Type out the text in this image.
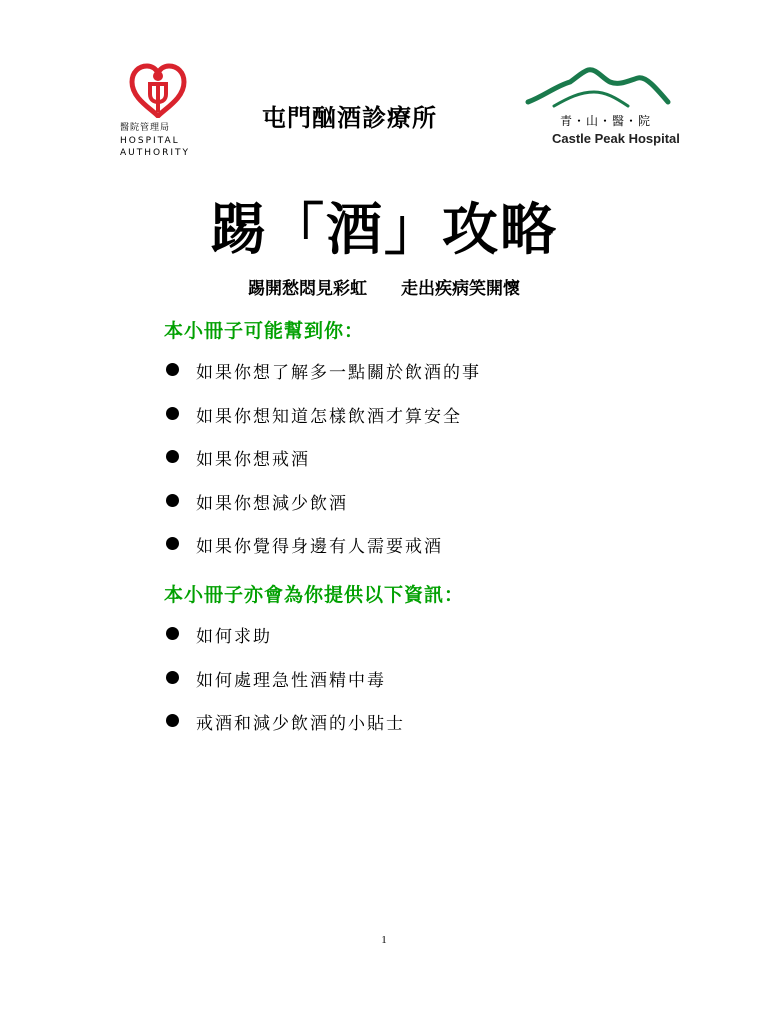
醫院管理局
HOSPITAL
AUTHORITY
屯門酗酒診療所	青・山・醫・院
Castle Peak Hospital
踢「酒」攻略
踢開愁悶見彩虹　　走出疾病笑開懷
本小冊子可能幫到你：
如果你想了解多一點關於飲酒的事
如果你想知道怎樣飲酒才算安全
如果你想戒酒
如果你想減少飲酒
如果你覺得身邊有人需要戒酒
本小冊子亦會為你提供以下資訊：
如何求助
如何處理急性酒精中毒
戒酒和減少飲酒的小貼士
1
